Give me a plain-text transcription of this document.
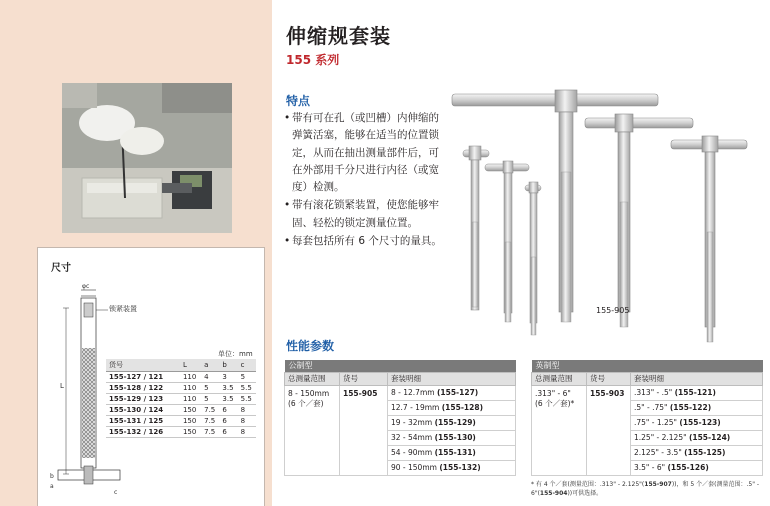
尺寸
L
φc
b
a
c
锁紧装置
单位：mm
货号	L	a	b	c
155-127 / 121	110	4	3	5
155-128 / 122	110	5	3.5	5.5
155-129 / 123	110	5	3.5	5.5
155-130 / 124	150	7.5	6	8
155-131 / 125	150	7.5	6	8
155-132 / 126	150	7.5	6	8
伸缩规套装
155 系列
特点
• 带有可在孔（或凹槽）内伸缩的弹簧活塞，能够在适当的位置锁定，从而在抽出测量部件后，可在外部用千分尺进行内径（或宽度）检测。
• 带有滚花锁紧装置，使您能够牢固、轻松的锁定测量位置。
• 每套包括所有 6 个尺寸的量具。
155-905
性能参数
公制型		
总测量范围	货号	套装明细

8 - 150mm
(6 个／套)	155-905	8 - 12.7mm (155-127)
		12.7 - 19mm (155-128)
		19 - 32mm (155-129)
		32 - 54mm (155-130)
		54 - 90mm (155-131)
		90 - 150mm (155-132)
英制型		
总测量范围	货号	套装明细

.313" - 6"
(6 个／套)*	155-903	.313" - .5" (155-121)
		.5" - .75" (155-122)
		.75" - 1.25" (155-123)
		1.25" - 2.125" (155-124)
		2.125" - 3.5" (155-125)
		3.5" - 6" (155-126)
* 有 4 个／套(测量范围：.313" - 2.125"(155-907))，和 5 个／套(测量范围：.5" - 6"(155-904))可供选择。
